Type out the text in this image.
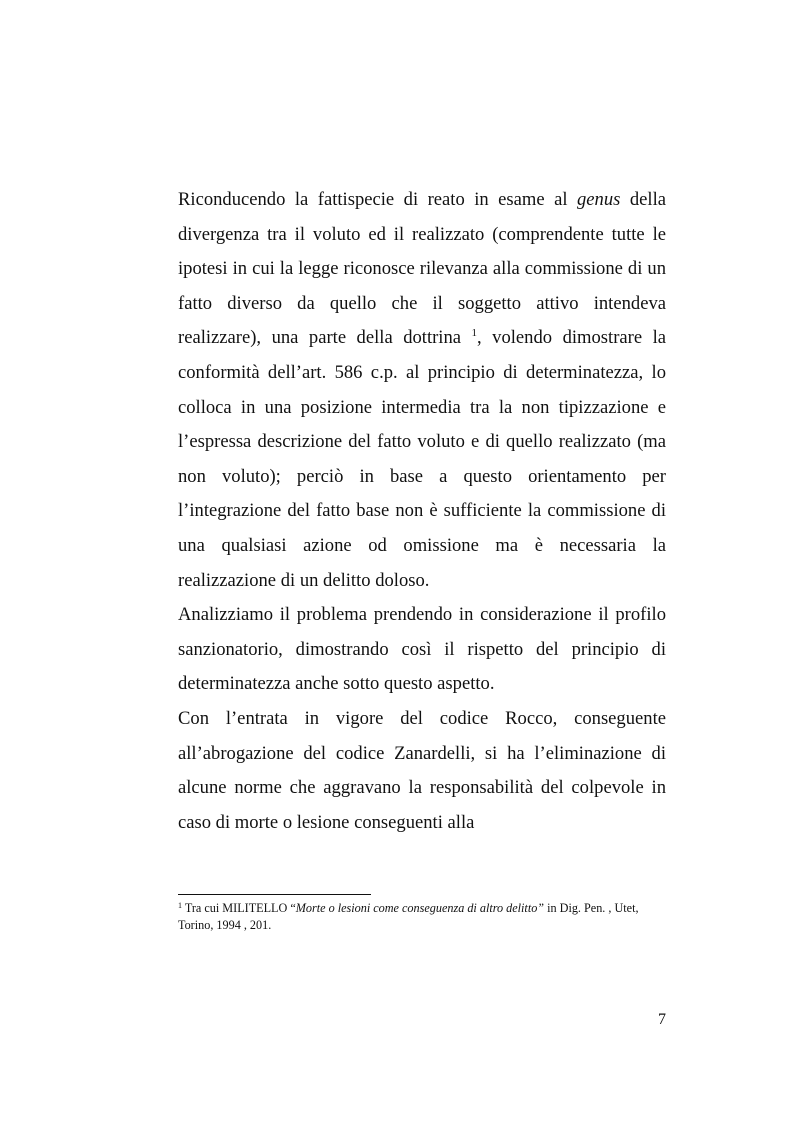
Riconducendo la fattispecie di reato in esame al genus della divergenza tra il voluto ed il realizzato (comprendente tutte le ipotesi in cui la legge riconosce rilevanza alla commissione di un fatto diverso da quello che il soggetto attivo intendeva realizzare), una parte della dottrina $^1$, volendo dimostrare la conformità dell’art. 586 c.p. al principio di determinatezza, lo colloca in una posizione intermedia tra la non tipizzazione e l’espressa descrizione del fatto voluto e di quello realizzato (ma non voluto); perciò in base a questo orientamento per l’integrazione del fatto base non è sufficiente la commissione di una qualsiasi azione od omissione ma è necessaria la realizzazione di un delitto doloso.

Analizziamo il problema prendendo in considerazione il profilo sanzionatorio, dimostrando così il rispetto del principio di determinatezza anche sotto questo aspetto.

Con l’entrata in vigore del codice Rocco, conseguente all’abrogazione del codice Zanardelli, si ha l’eliminazione di alcune norme che aggravano la responsabilità del colpevole in caso di morte o lesione conseguenti alla

$^1$ Tra cui MILITELLO “Morte o lesioni come conseguenza di altro delitto” in Dig. Pen. , Utet, Torino, 1994 , 201.
7
